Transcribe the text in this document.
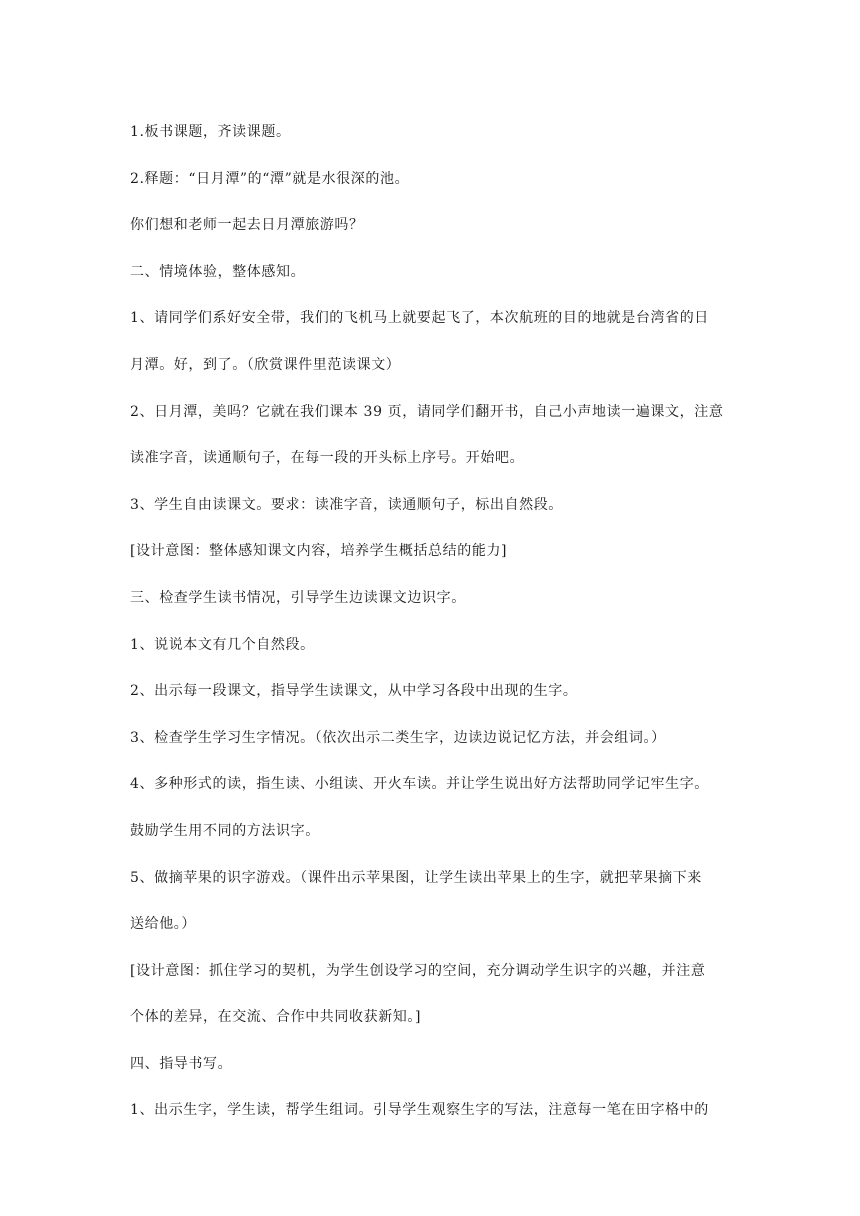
1.板书课题，齐读课题。

2.释题：“日月潭”的“潭”就是水很深的池。

你们想和老师一起去日月潭旅游吗？

二、情境体验，整体感知。

1、请同学们系好安全带，我们的飞机马上就要起飞了，本次航班的目的地就是台湾省的日

月潭。好，到了。（欣赏课件里范读课文）

2、日月潭，美吗？它就在我们课本 39 页，请同学们翻开书，自己小声地读一遍课文，注意

读准字音，读通顺句子，在每一段的开头标上序号。开始吧。

3、学生自由读课文。要求：读准字音，读通顺句子，标出自然段。

[设计意图：整体感知课文内容，培养学生概括总结的能力]

三、检查学生读书情况，引导学生边读课文边识字。

1、说说本文有几个自然段。

2、出示每一段课文，指导学生读课文，从中学习各段中出现的生字。

3、检查学生学习生字情况。（依次出示二类生字，边读边说记忆方法，并会组词。）

4、多种形式的读，指生读、小组读、开火车读。并让学生说出好方法帮助同学记牢生字。

鼓励学生用不同的方法识字。

5、做摘苹果的识字游戏。（课件出示苹果图，让学生读出苹果上的生字，就把苹果摘下来

送给他。）

[设计意图：抓住学习的契机，为学生创设学习的空间，充分调动学生识字的兴趣，并注意

个体的差异，在交流、合作中共同收获新知。]

四、指导书写。

1、出示生字，学生读，帮学生组词。引导学生观察生字的写法，注意每一笔在田字格中的
